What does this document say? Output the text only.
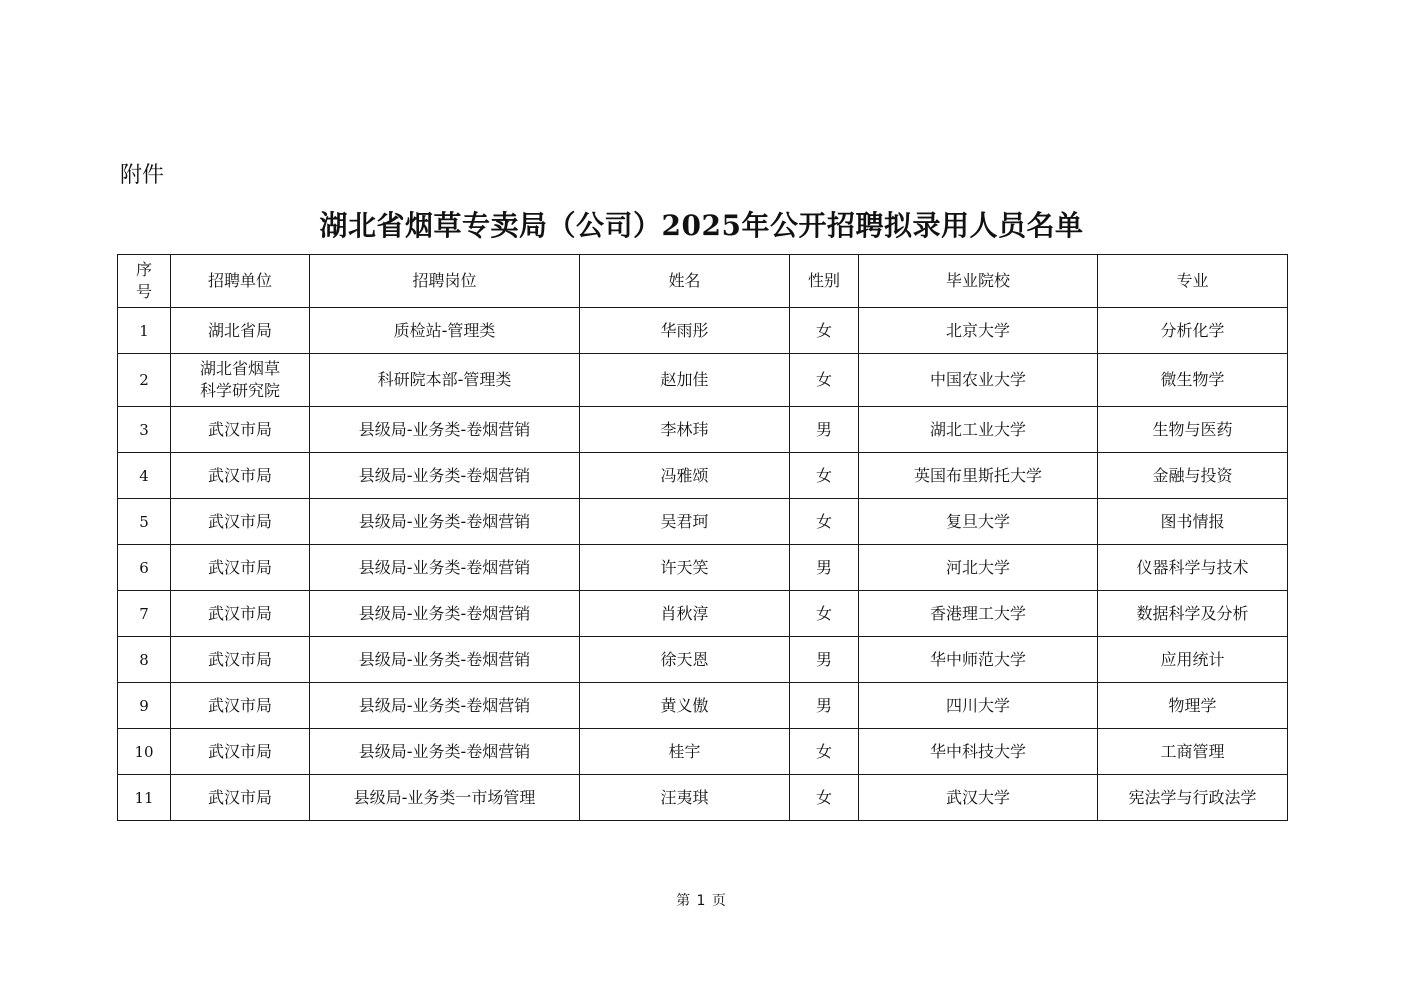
附件
湖北省烟草专卖局（公司）2025年公开招聘拟录用人员名单
序
号	招聘单位	招聘岗位	姓名	性别	毕业院校	专业
1	湖北省局	质检站-管理类	华雨彤	女	北京大学	分析化学
2	湖北省烟草
科学研究院	科研院本部-管理类	赵加佳	女	中国农业大学	微生物学
3	武汉市局	县级局-业务类-卷烟营销	李林玮	男	湖北工业大学	生物与医药
4	武汉市局	县级局-业务类-卷烟营销	冯雅颂	女	英国布里斯托大学	金融与投资
5	武汉市局	县级局-业务类-卷烟营销	吴君珂	女	复旦大学	图书情报
6	武汉市局	县级局-业务类-卷烟营销	许天笑	男	河北大学	仪器科学与技术
7	武汉市局	县级局-业务类-卷烟营销	肖秋淳	女	香港理工大学	数据科学及分析
8	武汉市局	县级局-业务类-卷烟营销	徐天恩	男	华中师范大学	应用统计
9	武汉市局	县级局-业务类-卷烟营销	黄义傲	男	四川大学	物理学
10	武汉市局	县级局-业务类-卷烟营销	桂宇	女	华中科技大学	工商管理
11	武汉市局	县级局-业务类一市场管理	汪夷琪	女	武汉大学	宪法学与行政法学
第 1 页
